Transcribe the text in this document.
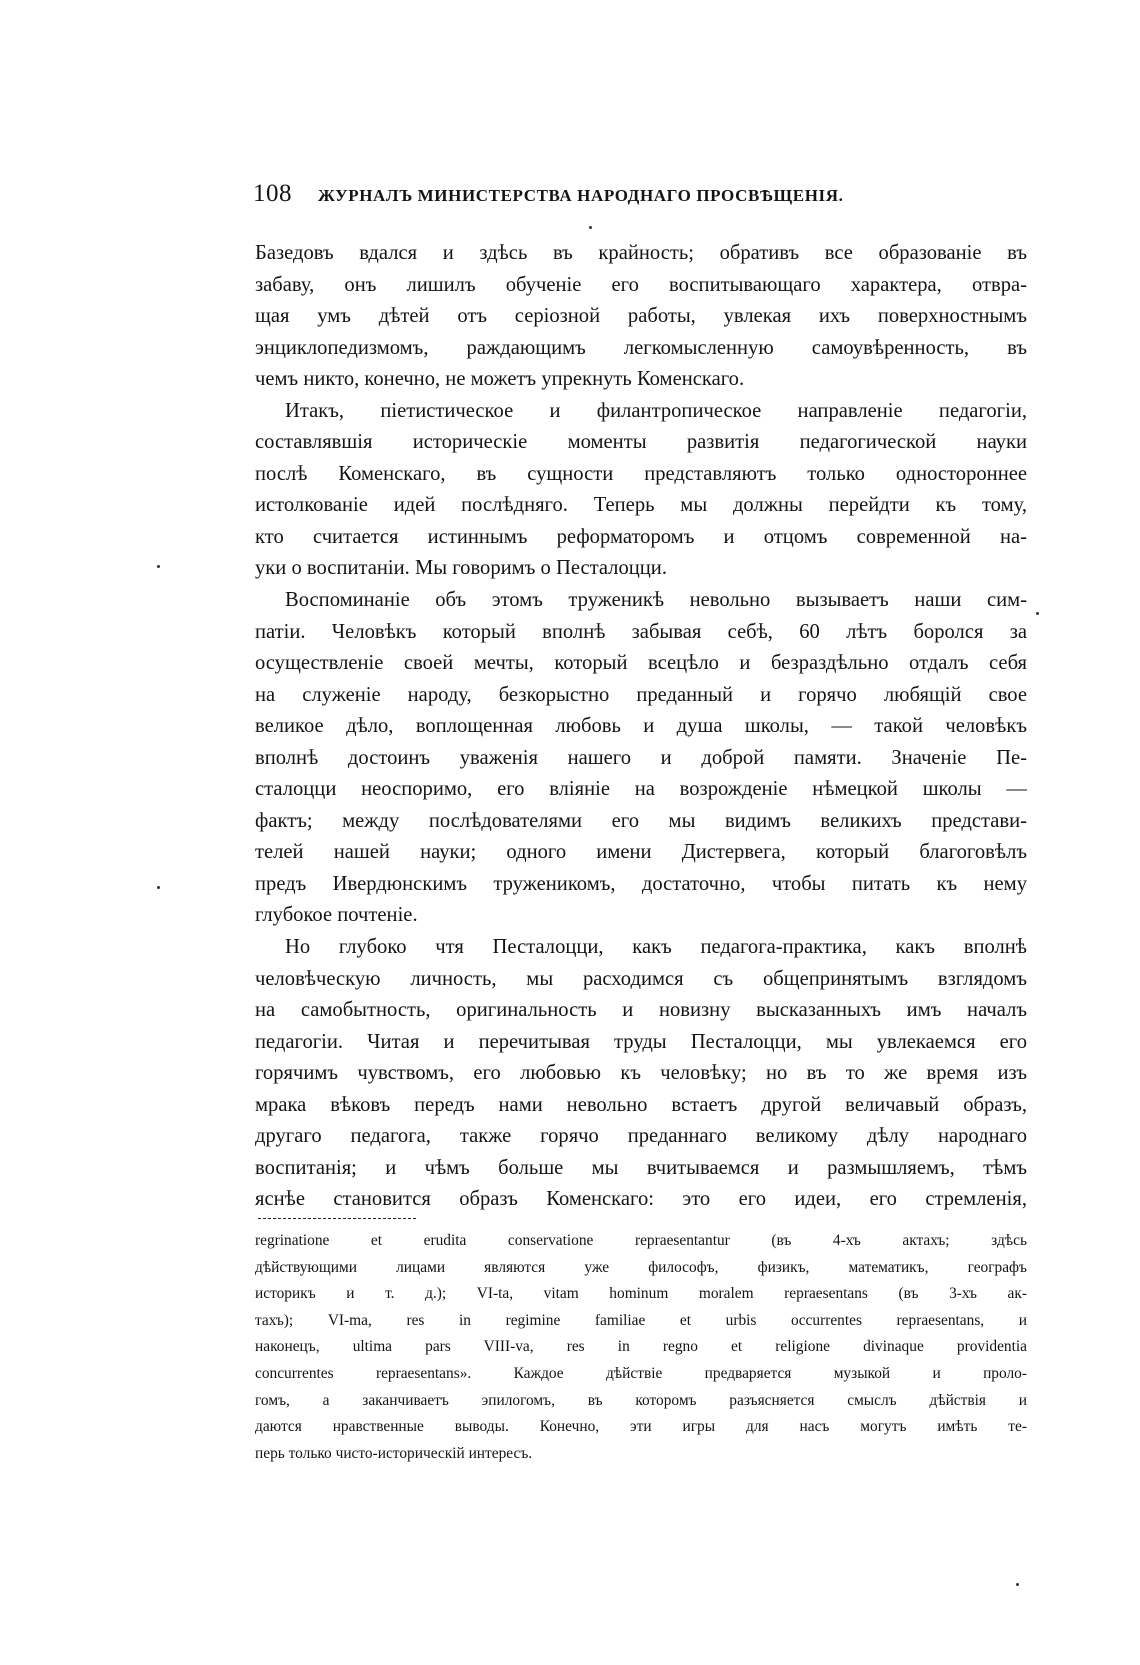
108 ЖУРНАЛЪ МИНИСТЕРСТВА НАРОДНАГО ПРОСВѢЩЕНІЯ.
Базедовъ вдался и здѣсь въ крайность; обративъ все образованіе въ
забаву, онъ лишилъ обученіе его воспитывающаго характера, отвра-
щая умъ дѣтей отъ серіозной работы, увлекая ихъ поверхностнымъ
энциклопедизмомъ, раждающимъ легкомысленную самоувѣренность, въ
чемъ никто, конечно, не можетъ упрекнуть Коменскаго.
Итакъ, піетистическое и филантропическое направленіе педагогіи,
составлявшія историческіе моменты развитія педагогической науки
послѣ Коменскаго, въ сущности представляютъ только одностороннее
истолкованіе идей послѣдняго. Теперь мы должны перейдти къ тому,
кто считается истиннымъ реформаторомъ и отцомъ современной на-
уки о воспитаніи. Мы говоримъ о Песталоцци.
Воспоминаніе объ этомъ труженикѣ невольно вызываетъ наши сим-
патіи. Человѣкъ который вполнѣ забывая себѣ, 60 лѣтъ боролся за
осуществленіе своей мечты, который всецѣло и безраздѣльно отдалъ себя
на служеніе народу, безкорыстно преданный и горячо любящій свое
великое дѣло, воплощенная любовь и душа школы, — такой человѣкъ
вполнѣ достоинъ уваженія нашего и доброй памяти. Значеніе Пе-
сталоцци неоспоримо, его вліяніе на возрожденіе нѣмецкой школы —
фактъ; между послѣдователями его мы видимъ великихъ представи-
телей нашей науки; одного имени Дистервега, который благоговѣлъ
предъ Ивердюнскимъ труженикомъ, достаточно, чтобы питать къ нему
глубокое почтеніе.
Но глубоко чтя Песталоцци, какъ педагога-практика, какъ вполнѣ
человѣческую личность, мы расходимся съ общепринятымъ взглядомъ
на самобытность, оригинальность и новизну высказанныхъ имъ началъ
педагогіи. Читая и перечитывая труды Песталоцци, мы увлекаемся его
горячимъ чувствомъ, его любовью къ человѣку; но въ то же время изъ
мрака вѣковъ передъ нами невольно встаетъ другой величавый образъ,
другаго педагога, также горячо преданнаго великому дѣлу народнаго
воспитанія; и чѣмъ больше мы вчитываемся и размышляемъ, тѣмъ
яснѣе становится образъ Коменскаго: это его идеи, его стремленія,
regrinatione et erudita conservatione repraesentantur (въ 4-хъ актахъ; здѣсь
дѣйствующими лицами являются уже философъ, физикъ, математикъ, географъ
историкъ и т. д.); VI-ta, vitam hominum moralem repraesentans (въ 3-хъ ак-
тахъ); VI-ma, res in regimine familiae et urbis occurrentes repraesentans, и
наконецъ, ultima pars VIII-va, res in regno et religione divinaque providentia
concurrentes repraesentans». Каждое дѣйствіе предваряется музыкой и проло-
гомъ, а заканчиваетъ эпилогомъ, въ которомъ разъясняется смыслъ дѣйствія и
даются нравственные выводы. Конечно, эти игры для насъ могутъ имѣть те-
перь только чисто-историческій интересъ.
